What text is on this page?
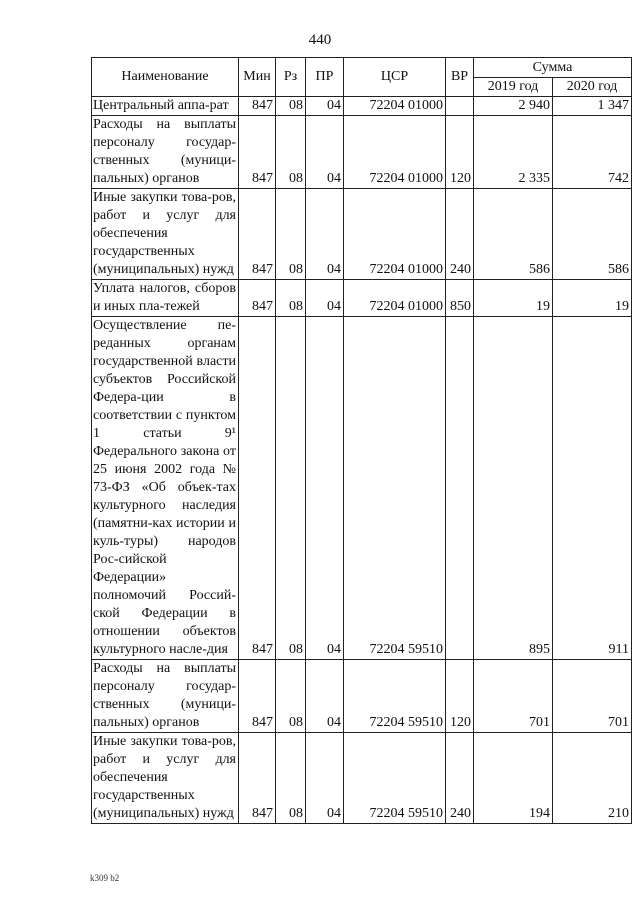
440
Наименование	Мин	Рз	ПР	ЦСР	ВР	Сумма	
						2019 год	2020 год
Центральный аппа-рат	847	08	04	72204 01000		2 940	1 347
Расходы на выплаты персоналу государ-ственных (муници-пальных) органов	847	08	04	72204 01000	120	2 335	742
Иные закупки това-ров, работ и услуг для обеспечения государственных (муниципальных) нужд	847	08	04	72204 01000	240	586	586
Уплата налогов, сборов и иных пла-тежей	847	08	04	72204 01000	850	19	19
Осуществление пе-реданных органам государственной власти субъектов Российской Федера-ции в соответствии с пунктом 1 статьи 9¹ Федерального закона от 25 июня 2002 года № 73-ФЗ «Об объек-тах культурного наследия (памятни-ках истории и куль-туры) народов Рос-сийской Федерации» полномочий Россий-ской Федерации в отношении объектов культурного насле-дия	847	08	04	72204 59510		895	911
Расходы на выплаты персоналу государ-ственных (муници-пальных) органов	847	08	04	72204 59510	120	701	701
Иные закупки това-ров, работ и услуг для обеспечения государственных (муниципальных) нужд	847	08	04	72204 59510	240	194	210
k309 b2
